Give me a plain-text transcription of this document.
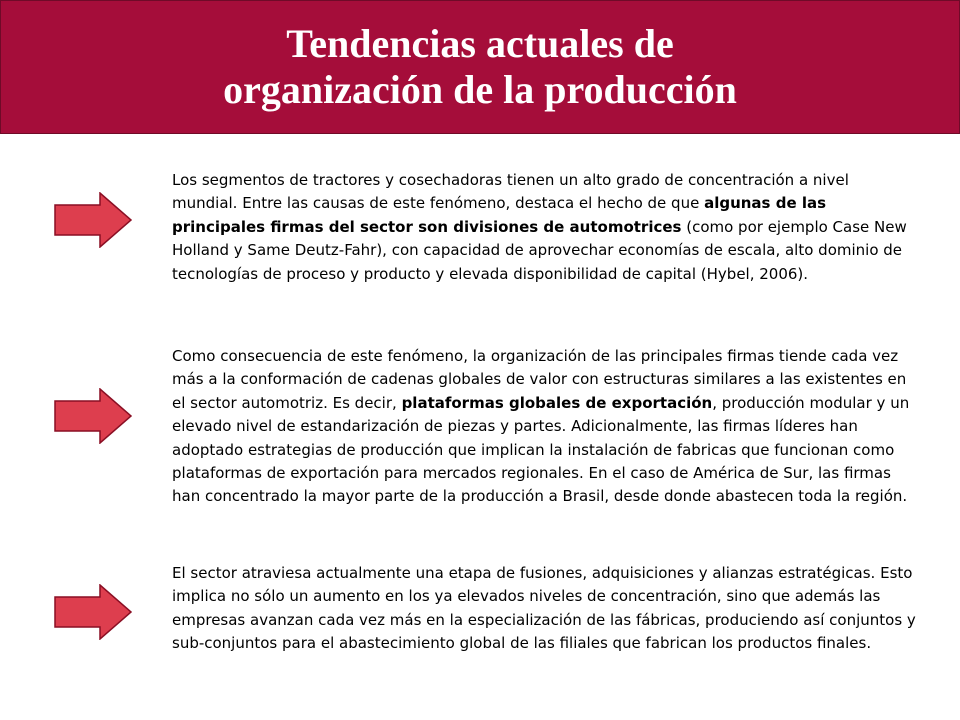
Tendencias actuales de
organización de la producción

Los segmentos de tractores y cosechadoras tienen un alto grado de concentración a nivel mundial. Entre las causas de este fenómeno, destaca el hecho de que algunas de las principales firmas del sector son divisiones de automotrices (como por ejemplo Case New Holland y Same Deutz-Fahr), con capacidad de aprovechar economías de escala, alto dominio de tecnologías de proceso y producto y elevada disponibilidad de capital (Hybel, 2006).

Como consecuencia de este fenómeno, la organización de las principales firmas tiende cada vez más a la conformación de cadenas globales de valor con estructuras similares a las existentes en el sector automotriz. Es decir, plataformas globales de exportación, producción modular y un elevado nivel de estandarización de piezas y partes. Adicionalmente, las firmas líderes han adoptado estrategias de producción que implican la instalación de fabricas que funcionan como plataformas de exportación para mercados regionales. En el caso de América de Sur, las firmas han concentrado la mayor parte de la producción a Brasil, desde donde abastecen toda la región.

El sector atraviesa actualmente una etapa de fusiones, adquisiciones y alianzas estratégicas. Esto implica no sólo un aumento en los ya elevados niveles de concentración, sino que además las empresas avanzan cada vez más en la especialización de las fábricas, produciendo así conjuntos y sub-conjuntos para el abastecimiento global de las filiales que fabrican los productos finales.
